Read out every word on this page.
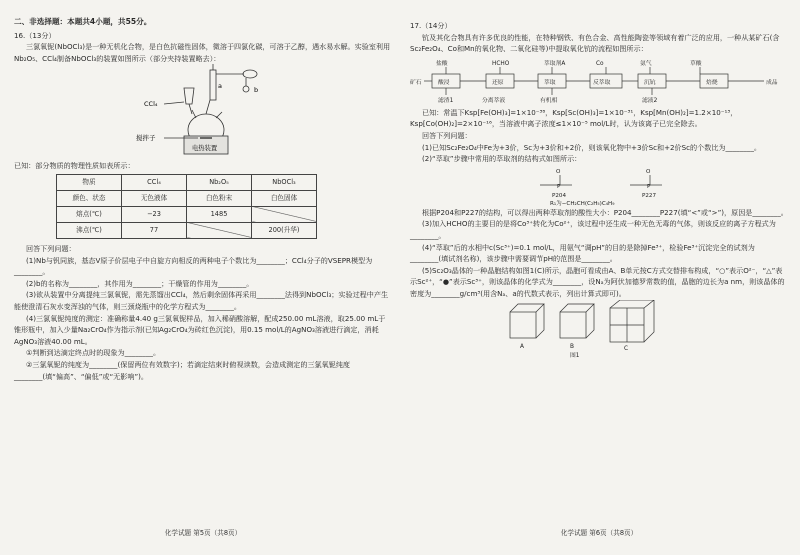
二、非选择题：本题共4小题，共55分。
16.（13分）

三氯氧铌(NbOCl₃)是一种无机化合物，是白色抗磁性固体，微溶于四氯化碳，可溶于乙醇，遇水易水解。实验室利用Nb₂O₅、CCl₄制备NbOCl₃的装置如图所示（部分夹持装置略去）：

CCl₄
搅拌子
电热装置
a	b

已知：部分物质的物理性质如表所示：

物质	CCl₄	Nb₂O₅	NbOCl₃
颜色、状态	无色液体	白色粉末	白色固体
熔点(℃)	−23	1485	
沸点(℃)	77		200(升华)

回答下列问题：

(1)Nb与钒同族，基态V原子价层电子中自旋方向相反的两种电子个数比为________；CCl₄分子的VSEPR模型为________。

(2)b的名称为________，其作用为________；干燥管的作用为________。

(3)欲从装置中分离提纯三氯氧铌，需先蒸馏出CCl₄，然后剩余固体再采用________法得到NbOCl₃；实验过程中产生能使澄清石灰水变浑浊的气体，则三颈烧瓶中的化学方程式为________。

(4)三氯氧铌纯度的测定：准确称量4.40 g三氯氧铌样品，加入稀硝酸溶解，配成250.00 mL溶液，取25.00 mL于锥形瓶中，加入少量Na₂CrO₄作为指示剂(已知Ag₂CrO₄为砖红色沉淀)，用0.15 mol/L的AgNO₃溶液进行滴定，消耗AgNO₃溶液40.00 mL。

①判断到达滴定终点时的现象为________。

②三氯氧铌的纯度为________(保留两位有效数字)；若滴定结束时俯视读数，会造成测定的三氯氧铌纯度________(填“偏高”、“偏低”或“无影响”)。

化学试题 第5页（共8页）
17.（14分）

钪及其化合物具有许多优良的性能，在特种钢铁、有色合金、高性能陶瓷等领域有着广泛的应用，一种从某矿石(含Sc₂Fe₂O₄、Co和Mn的氧化物、二氧化硅等)中提取氧化钪的流程如图所示：

矿石	成品
盐酸	HCHO	萃取剂A	Co	氨气	草酸
酸浸	还原	萃取	反萃取	沉钪	焙烧
滤渣1	有机相	滤液2
分离萃液

已知：常温下Ksp[Fe(OH)₃]=1×10⁻³⁸，Ksp[Sc(OH)₃]=1×10⁻³¹，Ksp[Mn(OH)₂]=1.2×10⁻¹³，Ksp[Co(OH)₂]=2×10⁻¹⁶，当溶液中离子浓度≤1×10⁻⁵ mol/L时，认为该离子已完全除去。

回答下列问题：

(1)已知Sc₂Fe₂O₄中Fe为+3价，Sc为+3价和+2价，则该氧化物中+3价Sc和+2价Sc的个数比为________。

(2)“萃取”步骤中常用的萃取剂的结构式如图所示：

O
P
O
P
P204	P227
R₁为−CH₂CH(C₂H₅)C₄H₉

根据P204和P227的结构，可以得出两种萃取剂的酸性大小：P204________P227(填“<”或“>”)，原因是________。

(3)加入HCHO的主要目的是将Co³⁺转化为Co²⁺，该过程中还生成一种无色无毒的气体，则该反应的离子方程式为________。

(4)“萃取”后的水相中c(Sc³⁺)=0.1 mol/L，用氨气“调pH”的目的是除掉Fe³⁺，检验Fe³⁺沉淀完全的试剂为________(填试剂名称)，该步骤中需要调节pH的范围是________。

(5)Sc₂O₃晶体的一种晶胞结构如图1(C)所示，晶胞可看成由A、B单元按C方式交替排布构成，“○”表示O²⁻，“△”表示Sc²⁺，“●”表示Sc³⁺，则该晶体的化学式为________，设Nₐ为阿伏加德罗常数的值，晶胞的边长为a nm，则该晶体的密度为________g/cm³(用含Nₐ、a的代数式表示，列出计算式即可)。

A	B	C
图1
化学试题 第6页（共8页）
